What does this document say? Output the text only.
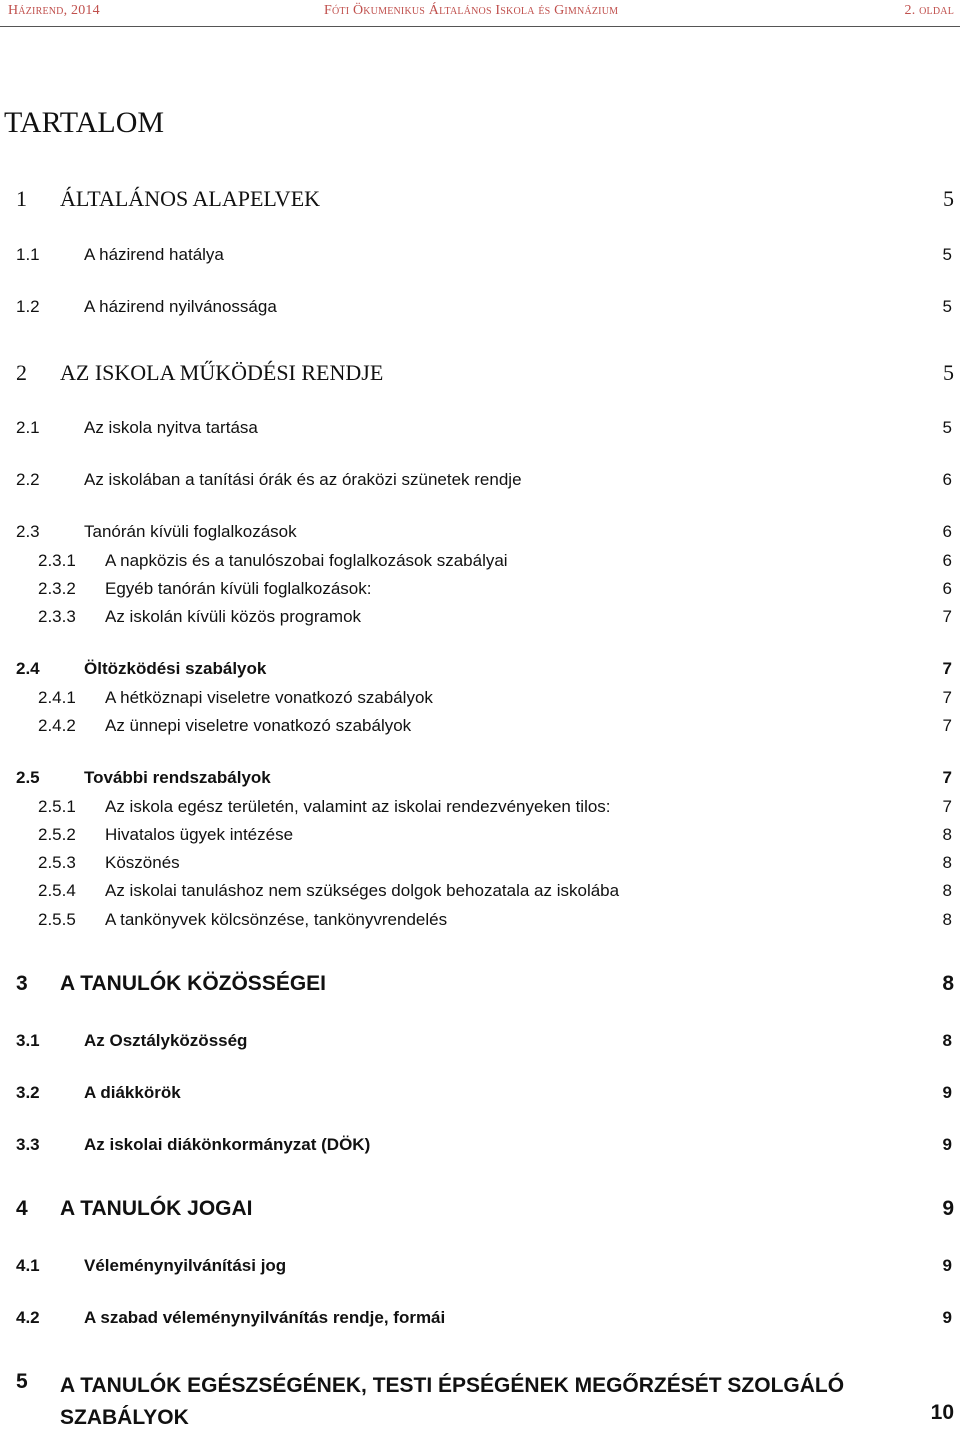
Házirend, 2014	Fóti Ökumenikus Általános Iskola és Gimnázium	2. oldal
TARTALOM
1 ÁLTALÁNOS ALAPELVEK	5
1.1	A házirend hatálya	5
1.2	A házirend nyilvánossága	5
2 AZ ISKOLA MŰKÖDÉSI RENDJE	5
2.1	Az iskola nyitva tartása	5
2.2	Az iskolában a tanítási órák és az óraközi szünetek rendje	6
2.3	Tanórán kívüli foglalkozások	6
2.3.1 A napközis és a tanulószobai foglalkozások szabályai	6
2.3.2 Egyéb tanórán kívüli foglalkozások:	6
2.3.3 Az iskolán kívüli közös programok	7
2.4	Öltözködési szabályok	7
2.4.1 A hétköznapi viseletre vonatkozó szabályok	7
2.4.2 Az ünnepi viseletre vonatkozó szabályok	7
2.5	További rendszabályok	7
2.5.1 Az iskola egész területén, valamint az iskolai rendezvényeken tilos:	7
2.5.2 Hivatalos ügyek intézése	8
2.5.3 Köszönés	8
2.5.4 Az iskolai tanuláshoz nem szükséges dolgok behozatala az iskolába	8
2.5.5 A tankönyvek kölcsönzése, tankönyvrendelés	8
3 A TANULÓK KÖZÖSSÉGEI	8
3.1	Az Osztályközösség	8
3.2	A diákkörök	9
3.3	Az iskolai diákönkormányzat (DÖK)	9
4 A TANULÓK JOGAI	9
4.1	Véleménynyilvánítási jog	9
4.2	A szabad véleménynyilvánítás rendje, formái	9
5 A TANULÓK EGÉSZSÉGÉNEK, TESTI ÉPSÉGÉNEK MEGŐRZÉSÉT SZOLGÁLÓ SZABÁLYOK	10
